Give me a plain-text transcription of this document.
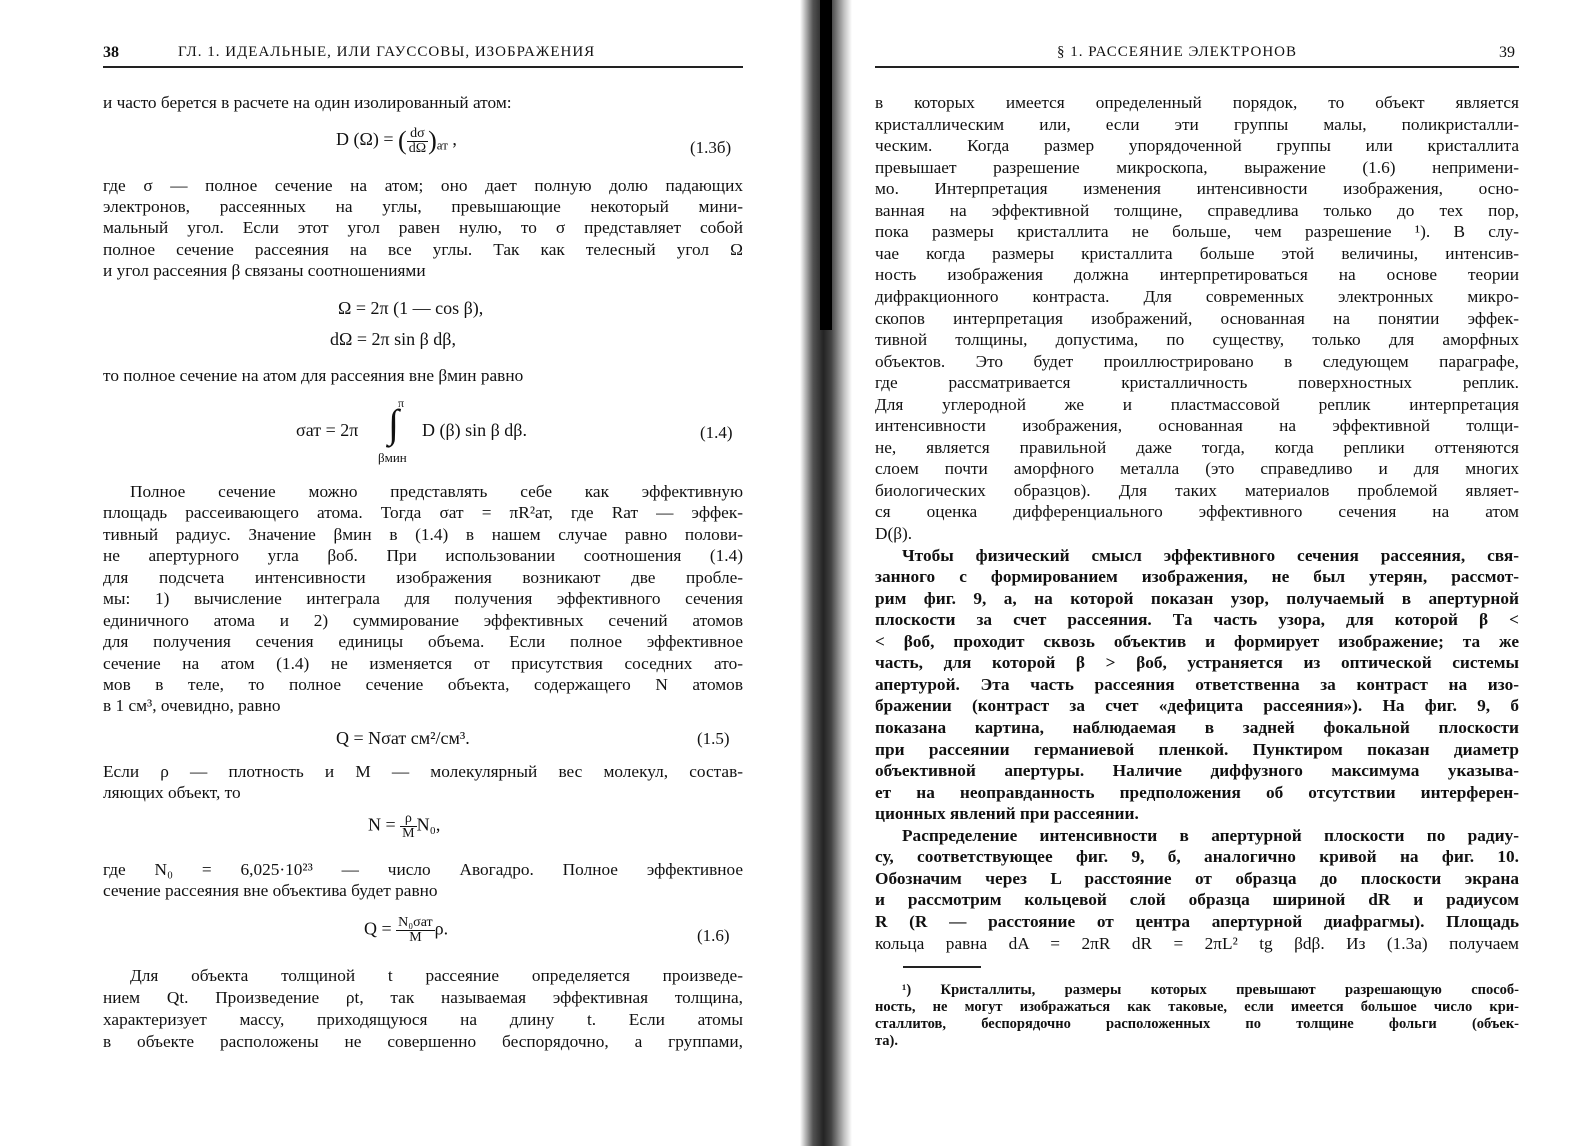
38	ГЛ. 1. ИДЕАЛЬНЫЕ, ИЛИ ГАУССОВЫ, ИЗОБРАЖЕНИЯ
и часто берется в расчете на один изолированный атом:
где σ — полное сечение на атом; оно дает полную долю падающих
электронов, рассеянных на углы, превышающие некоторый мини-
мальный угол. Если этот угол равен нулю, то σ представляет собой
полное сечение рассеяния на все углы. Так как телесный угол Ω
и угол рассеяния β связаны соотношениями
то полное сечение на атом для рассеяния вне βмин равно
Полное сечение можно представлять себе как эффективную
площадь рассеивающего атома. Тогда σат = πR²ат, где Rат — эффек-
тивный радиус. Значение βмин в (1.4) в нашем случае равно полови-
не апертурного угла βоб. При использовании соотношения (1.4)
для подсчета интенсивности изображения возникают две пробле-
мы: 1) вычисление интеграла для получения эффективного сечения
единичного атома и 2) суммирование эффективных сечений атомов
для получения сечения единицы объема. Если полное эффективное
сечение на атом (1.4) не изменяется от присутствия соседних ато-
мов в теле, то полное сечение объекта, содержащего N атомов
в 1 см³, очевидно, равно
Если ρ — плотность и M — молекулярный вес молекул, состав-
ляющих объект, то
где N₀ = 6,025·10²³ — число Авогадро. Полное эффективное
сечение рассеяния вне объектива будет равно
Для объекта толщиной t рассеяние определяется произведе-
нием Qt. Произведение ρt, так называемая эффективная толщина,
характеризует массу, приходящуюся на длину t. Если атомы
в объекте расположены не совершенно беспорядочно, а группами,
D (Ω) = ( $\frac{d\sigma}{d\Omega} )_{ат}$ ,	(1.3б)
Ω = 2π (1 — cos β),
dΩ = 2π sin β dβ,
σат = 2π
π
∫
βмин
D (β) sin β dβ.	(1.4)
Q = Nσат см²/см³.	(1.5)
$N = \frac{\rho}{M} N_0$,
$Q = \frac{\text{N₀σат}}{M} \rho$.	(1.6)
§ 1. РАССЕЯНИЕ ЭЛЕКТРОНОВ	39
в которых имеется определенный порядок, то объект является
кристаллическим или, если эти группы малы, поликристалли-
ческим. Когда размер упорядоченной группы или кристаллита
превышает разрешение микроскопа, выражение (1.6) непримени-
мо. Интерпретация изменения интенсивности изображения, осно-
ванная на эффективной толщине, справедлива только до тех пор,
пока размеры кристаллита не больше, чем разрешение ¹). В слу-
чае когда размеры кристаллита больше этой величины, интенсив-
ность изображения должна интерпретироваться на основе теории
дифракционного контраста. Для современных электронных микро-
скопов интерпретация изображений, основанная на понятии эффек-
тивной толщины, допустима, по существу, только для аморфных
объектов. Это будет проиллюстрировано в следующем параграфе,
где рассматривается кристалличность поверхностных реплик.
Для углеродной же и пластмассовой реплик интерпретация
интенсивности изображения, основанная на эффективной толщи-
не, является правильной даже тогда, когда реплики оттеняются
слоем почти аморфного металла (это справедливо и для многих
биологических образцов). Для таких материалов проблемой являет-
ся оценка дифференциального эффективного сечения на атом
D(β).
Чтобы физический смысл эффективного сечения рассеяния, свя-
занного с формированием изображения, не был утерян, рассмот-
рим фиг. 9, а, на которой показан узор, получаемый в апертурной
плоскости за счет рассеяния. Та часть узора, для которой β <
< βоб, проходит сквозь объектив и формирует изображение; та же
часть, для которой β > βоб, устраняется из оптической системы
апертурой. Эта часть рассеяния ответственна за контраст на изо-
бражении (контраст за счет «дефицита рассеяния»). На фиг. 9, б
показана картина, наблюдаемая в задней фокальной плоскости
при рассеянии германиевой пленкой. Пунктиром показан диаметр
объективной апертуры. Наличие диффузного максимума указыва-
ет на неоправданность предположения об отсутствии интерферен-
ционных явлений при рассеянии.
Распределение интенсивности в апертурной плоскости по радиу-
су, соответствующее фиг. 9, б, аналогично кривой на фиг. 10.
Обозначим через L расстояние от образца до плоскости экрана
и рассмотрим кольцевой слой образца шириной dR и радиусом
R (R — расстояние от центра апертурной диафрагмы). Площадь
кольца равна dA = 2πR dR = 2πL² tg βdβ. Из (1.3а) получаем
¹) Кристаллиты, размеры которых превышают разрешающую способ-
ность, не могут изображаться как таковые, если имеется большое число кри-
сталлитов, беспорядочно расположенных по толщине фольги (объек-
та).
